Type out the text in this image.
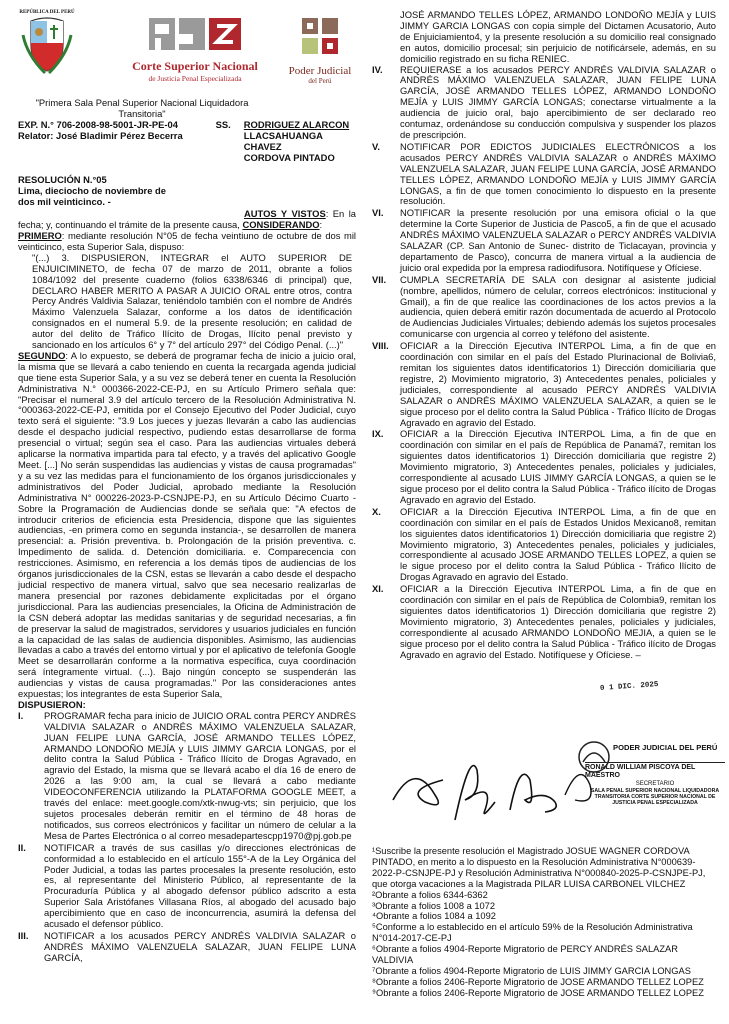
REPÚBLICA DEL PERÚ
Corte Superior Nacional
de Justicia Penal Especializada
Poder Judicial
del Perú

"Primera Sala Penal Superior Nacional Liquidadora Transitoria"

EXP. N.° 706-2008-98-5001-JR-PE-04
Relator: José Bladimir Pérez Becerra
SS.	RODRIGUEZ ALARCON
LLACSAHUANGA CHAVEZ
CORDOVA PINTADO
RESOLUCIÓN N.°05
Lima, dieciocho de noviembre de
dos mil veinticinco. -

AUTOS Y VISTOS: En la fecha; y, continuando el trámite de la presente causa, CONSIDERANDO:

PRIMERO: mediante resolución N°05 de fecha veintiuno de octubre de dos mil veinticinco, esta Superior Sala, dispuso:

"(...) 3. DISPUSIERON, INTEGRAR el AUTO SUPERIOR DE ENJUICIMINETO, de fecha 07 de marzo de 2011, obrante a folios 1084/1092 del presente cuaderno (folios 6338/6346 di principal) que, DECLARO HABER MERITO A PASAR A JUICIO ORAL entre otros, contra Percy Andrés Valdivia Salazar, teniéndolo también con el nombre de Andrés Máximo Valenzuela Salazar, conforme a los datos de identificación consignados en el numeral 5.9. de la presente resolución; en calidad de autor del delito de Tráfico Ilícito de Drogas, Ilícito penal previsto y sancionado en los artículos 6° y 7° del artículo 297° del Código Penal. (...)"

SEGUNDO: A lo expuesto, se deberá de programar fecha de inicio a juicio oral, la misma que se llevará a cabo teniendo en cuenta la recargada agenda judicial que tiene esta Superior Sala, y a su vez se deberá tener en cuenta la Resolución Administrativa N.° 000366-2022-CE-PJ, en su Artículo Primero señala que: "Precisar el numeral 3.9 del artículo tercero de la Resolución Administrativa N.°000363-2022-CE-PJ, emitida por el Consejo Ejecutivo del Poder Judicial, cuyo texto será el siguiente: "3.9 Los jueces y juezas llevarán a cabo las audiencias desde el despacho judicial respectivo, pudiendo estas desarrollarse de forma presencial o virtual; según sea el caso. Para las audiencias virtuales deberá aplicarse la normativa impartida para tal efecto, y a través del aplicativo Google Meet. [...] No serán suspendidas las audiencias y vistas de causa programadas" y a su vez las medidas para el funcionamiento de los órganos jurisdiccionales y administrativos del Poder Judicial, aprobado mediante la Resolución Administrativa N° 000226-2023-P-CSNJPE-PJ, en su Artículo Décimo Cuarto - Sobre la Programación de Audiencias donde se señala que: "A efectos de introducir criterios de eficiencia esta Presidencia, dispone que las siguientes audiencias, -en primera como en segunda instancia-, se desarrollen de manera presencial: a. Prisión preventiva. b. Prolongación de la prisión preventiva. c. Impedimento de salida. d. Detención domiciliaria. e. Comparecencia con restricciones. Asimismo, en referencia a los demás tipos de audiencias de los órganos jurisdiccionales de la CSN, estas se llevarán a cabo desde el despacho judicial respectivo de manera virtual, salvo que sea necesario realizarlas de manera presencial por razones debidamente explicitadas por el órgano jurisdiccional. Para las audiencias presenciales, la Oficina de Administración de la CSN deberá adoptar las medidas sanitarias y de seguridad necesarias, a fin de preservar la salud de magistrados, servidores y usuarios judiciales en función a la capacidad de las salas de audiencia disponibles. Asimismo, las audiencias llevadas a cabo a través del entorno virtual y por el aplicativo de telefonía Google Meet se desarrollarán conforme a la normativa específica, cuya coordinación será íntegramente virtual. (...). Bajo ningún concepto se suspenderán las audiencias y vistas de causa programadas." Por las consideraciones antes expuestas; los integrantes de esta Superior Sala,

DISPUSIERON:
I. PROGRAMAR fecha para inicio de JUICIO ORAL contra PERCY ANDRÉS VALDIVIA SALAZAR o ANDRÉS MÁXIMO VALENZUELA SALAZAR, JUAN FELIPE LUNA GARCÍA, JOSÉ ARMANDO TELLES LÓPEZ, ARMANDO LONDOÑO MEJÍA y LUIS JIMMY GARCIA LONGAS, por el delito contra la Salud Pública - Tráfico Ilícito de Drogas Agravado, en agravio del Estado, la misma que se llevará acabo el día 16 de enero de 2026 a las 9:00 am, la cual se llevará a cabo mediante VIDEOCONFERENCIA utilizando la PLATAFORMA GOOGLE MEET, a través del enlace: meet.google.com/xtk-nwug-vts; sin perjuicio, que los sujetos procesales deberán remitir en el término de 48 horas de notificados, sus correos electrónicos y facilitar un número de celular a la Mesa de Partes Electrónica o al correo mesadepartescpp1970@pj.gob.pe
II. NOTIFICAR a través de sus casillas y/o direcciones electrónicas de conformidad a lo establecido en el artículo 155°-A de la Ley Orgánica del Poder Judicial, a todas las partes procesales la presente resolución, esto es, al representante del Ministerio Público, al representante de la Procuraduría Pública y al abogado defensor público adscrito a esta Superior Sala Aristófanes Villasana Ríos, al abogado del acusado bajo apercibimiento que en caso de inconcurrencia, asumirá la defensa del acusado el defensor público.
III. NOTIFICAR a los acusados PERCY ANDRÉS VALDIVIA SALAZAR o ANDRÉS MÁXIMO VALENZUELA SALAZAR, JUAN FELIPE LUNA GARCÍA,

JOSÉ ARMANDO TELLES LÓPEZ, ARMANDO LONDOÑO MEJÍA y LUIS JIMMY GARCIA LONGAS con copia simple del Dictamen Acusatorio, Auto de Enjuiciamiento4, y la presente resolución a su domicilio real consignado en autos, domicilio procesal; sin perjuicio de notificársele, además, en su domicilio registrado en su ficha RENIEC.

IV. REQUIERASE a los acusados PERCY ANDRÉS VALDIVIA SALAZAR o ANDRÉS MÁXIMO VALENZUELA SALAZAR, JUAN FELIPE LUNA GARCÍA, JOSÉ ARMANDO TELLES LÓPEZ, ARMANDO LONDOÑO MEJÍA y LUIS JIMMY GARCÍA LONGAS; conectarse virtualmente a la audiencia de juicio oral, bajo apercibimiento de ser declarado reo contumaz, ordenándose su conducción compulsiva y suspender los plazos de prescripción.
V. NOTIFICAR POR EDICTOS JUDICIALES ELECTRÓNICOS a los acusados PERCY ANDRÉS VALDIVIA SALAZAR o ANDRÉS MÁXIMO VALENZUELA SALAZAR, JUAN FELIPE LUNA GARCÍA, JOSÉ ARMANDO TELLES LÓPEZ, ARMANDO LONDOÑO MEJÍA y LUIS JIMMY GARCÍA LONGAS, a fin de que tomen conocimiento lo dispuesto en la presente resolución.
VI. NOTIFICAR la presente resolución por una emisora oficial o la que determine la Corte Superior de Justicia de Pasco5, a fin de que el acusado ANDRÉS MÁXIMO VALENZUELA SALAZAR o PERCY ANDRÉS VALDIVIA SALAZAR (CP. San Antonio de Sunec- distrito de Ticlacayan, provincia y departamento de Pasco), concurra de manera virtual a la audiencia de juicio oral expedida por la empresa radiodifusora. Notifíquese y Ofíciese.
VII. CUMPLA SECRETARÍA DE SALA con designar al asistente judicial (nombre, apellidos, número de celular, correos electrónicos: institucional y Gmail), a fin de que realice las coordinaciones de los actos previos a la audiencia, quien deberá emitir razón documentada de acuerdo al Protocolo de Audiencias Judiciales Virtuales; debiendo además los sujetos procesales comunicarse con urgencia al correo y teléfono del asistente.
VIII. OFICIAR a la Dirección Ejecutiva INTERPOL Lima, a fin de que en coordinación con similar en el país del Estado Plurinacional de Bolivia6, remitan los siguientes datos identificatorios 1) Dirección domiciliaria que registre, 2) Movimiento migratorio, 3) Antecedentes penales, policiales y judiciales, correspondiente al acusado PERCY ANDRÉS VALDIVIA SALAZAR o ANDRÉS MÁXIMO VALENZUELA SALAZAR, a quien se le sigue proceso por el delito contra la Salud Pública - Tráfico Ilícito de Drogas Agravado en agravio del Estado.
IX. OFICIAR a la Dirección Ejecutiva INTERPOL Lima, a fin de que en coordinación con similar en el país de República de Panamá7, remitan los siguientes datos identificatorios 1) Dirección domiciliaria que registre 2) Movimiento migratorio, 3) Antecedentes penales, policiales y judiciales, correspondiente al acusado LUIS JIMMY GARCÍA LONGAS, a quien se le sigue proceso por el delito contra la Salud Pública - Tráfico ilícito de Drogas Agravado en agravio del Estado.
X. OFICIAR a la Dirección Ejecutiva INTERPOL Lima, a fin de que en coordinación con similar en el país de Estados Unidos Mexicano8, remitan los siguientes datos identificatorios 1) Dirección domiciliaria que registre 2) Movimiento migratorio, 3) Antecedentes penales, policiales y judiciales, correspondiente al acusado JOSE ARMANDO TELLES LOPEZ, a quien se le sigue proceso por el delito contra la Salud Pública - Tráfico Ilícito de Drogas Agravado en agravio del Estado.
XI. OFICIAR a la Dirección Ejecutiva INTERPOL Lima, a fin de que en coordinación con similar en el país de República de Colombia9, remitan los siguientes datos identificatorios 1) Dirección domiciliaria que registre 2) Movimiento migratorio, 3) Antecedentes penales, policiales y judiciales, correspondiente al acusado ARMANDO LONDOÑO MEJIA, a quien se le sigue proceso por el delito contra la Salud Pública - Tráfico ilícito de Drogas Agravado en agravio del Estado. Notifíquese y Ofíciese. –
0 1 DIC. 2025
PODER JUDICIAL DEL PERÚ
RONALD WILLIAM PISCOYA DEL MAESTRO
SECRETARIO
SALA PENAL SUPERIOR NACIONAL LIQUIDADORA TRANSITORIA CORTE SUPERIOR NACIONAL DE JUSTICIA PENAL ESPECIALIZADA

¹Suscribe la presente resolución el Magistrado JOSUE WAGNER CORDOVA PINTADO, en merito a lo dispuesto en la Resolución Administrativa N°000639-2022-P-CSNJPE-PJ y Resolución Administrativa N°000840-2025-P-CSNJPE-PJ, que otorga vacaciones a la Magistrada PILAR LUISA CARBONEL VILCHEZ

²Obrante a folios 6344-6362

³Obrante a folios 1008 a 1072

⁴Obrante a folios 1084 a 1092

⁵Conforme a lo establecido en el artículo 59% de la Resolución Administrativa N°014-2017-CE-PJ

⁶Obrante a folios 4904-Reporte Migratorio de PERCY ANDRÉS SALAZAR VALDIVIA

⁷Obrante a folios 4904-Reporte Migratorio de LUIS JIMMY GARCIA LONGAS

⁸Obrante a folios 2406-Reporte Migratorio de JOSE ARMANDO TELLEZ LOPEZ

⁹Obrante a folios 2406-Reporte Migratorio de JOSE ARMANDO TELLEZ LOPEZ
